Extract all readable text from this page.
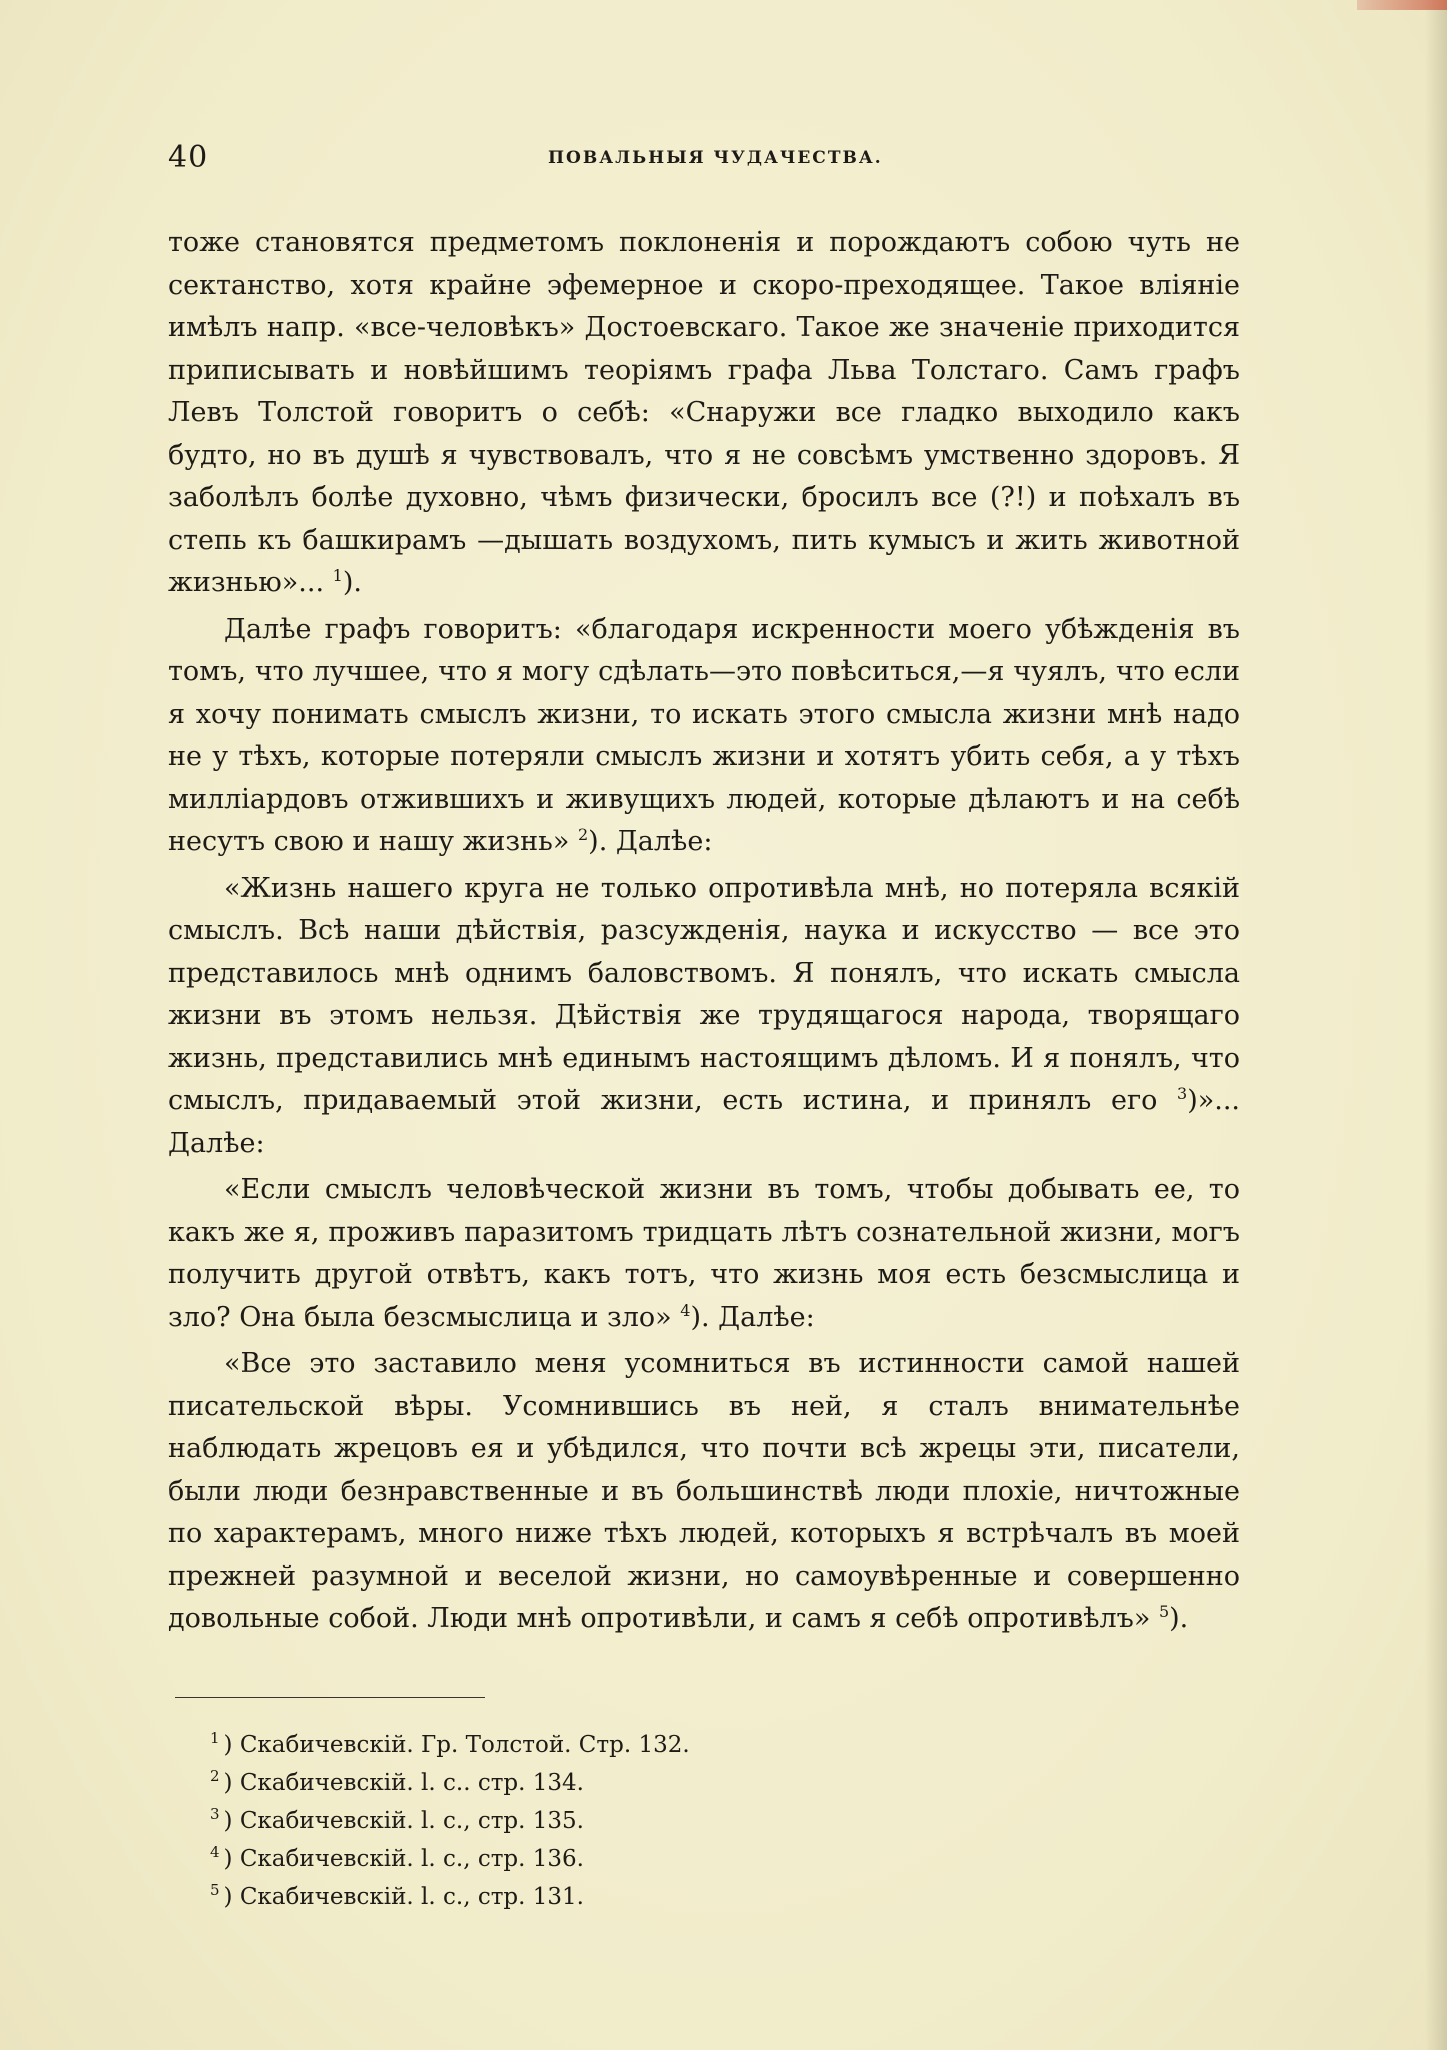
40	ПОВАЛЬНЫЯ ЧУДАЧЕСТВА.

тоже становятся предметомъ поклоненія и порождаютъ собою чуть не сектанство, хотя крайне эфемерное и скоро-преходящее. Такое вліяніе имѣлъ напр. «все-человѣкъ» Достоевскаго. Такое же значеніе приходится приписывать и новѣйшимъ теоріямъ графа Льва Толстаго. Самъ графъ Левъ Толстой говоритъ о себѣ: «Снаружи все гладко выходило какъ будто, но въ душѣ я чувствовалъ, что я не совсѣмъ умственно здоровъ. Я заболѣлъ болѣе духовно, чѣмъ физически, бросилъ все (?!) и поѣхалъ въ степь къ башкирамъ —дышать воздухомъ, пить кумысъ и жить животной жизнью»... $^1$).

Далѣе графъ говоритъ: «благодаря искренности моего убѣжденія въ томъ, что лучшее, что я могу сдѣлать—это повѣситься,—я чуялъ, что если я хочу понимать смыслъ жизни, то искать этого смысла жизни мнѣ надо не у тѣхъ, которые потеряли смыслъ жизни и хотятъ убить себя, а у тѣхъ милліардовъ отжившихъ и живущихъ людей, которые дѣлаютъ и на себѣ несутъ свою и нашу жизнь» $^2$). Далѣе:

«Жизнь нашего круга не только опротивѣла мнѣ, но потеряла всякій смыслъ. Всѣ наши дѣйствія, разсужденія, наука и искусство — все это представилось мнѣ однимъ баловствомъ. Я понялъ, что искать смысла жизни въ этомъ нельзя. Дѣйствія же трудящагося народа, творящаго жизнь, представились мнѣ единымъ настоящимъ дѣломъ. И я понялъ, что смыслъ, придаваемый этой жизни, есть истина, и принялъ его $^3$)»... Далѣе:

«Если смыслъ человѣческой жизни въ томъ, чтобы добывать ее, то какъ же я, проживъ паразитомъ тридцать лѣтъ сознательной жизни, могъ получить другой отвѣтъ, какъ тотъ, что жизнь моя есть безсмыслица и зло? Она была безсмыслица и зло» $^4$). Далѣе:

«Все это заставило меня усомниться въ истинности самой нашей писательской вѣры. Усомнившись въ ней, я сталъ внимательнѣе наблюдать жрецовъ ея и убѣдился, что почти всѣ жрецы эти, писатели, были люди безнравственные и въ большинствѣ люди плохіе, ничтожные по характерамъ, много ниже тѣхъ людей, которыхъ я встрѣчалъ въ моей прежней разумной и веселой жизни, но самоувѣренные и совершенно довольные собой. Люди мнѣ опротивѣли, и самъ я себѣ опротивѣлъ» $^5$).

$^1$ ) Скабичевскій. Гр. Толстой. Стр. 132.
$^2$ ) Скабичевскій. l. c.. стр. 134.
$^3$ ) Скабичевскій. l. c., стр. 135.
$^4$ ) Скабичевскій. l. c., стр. 136.
$^5$ ) Скабичевскій. l. c., стр. 131.
